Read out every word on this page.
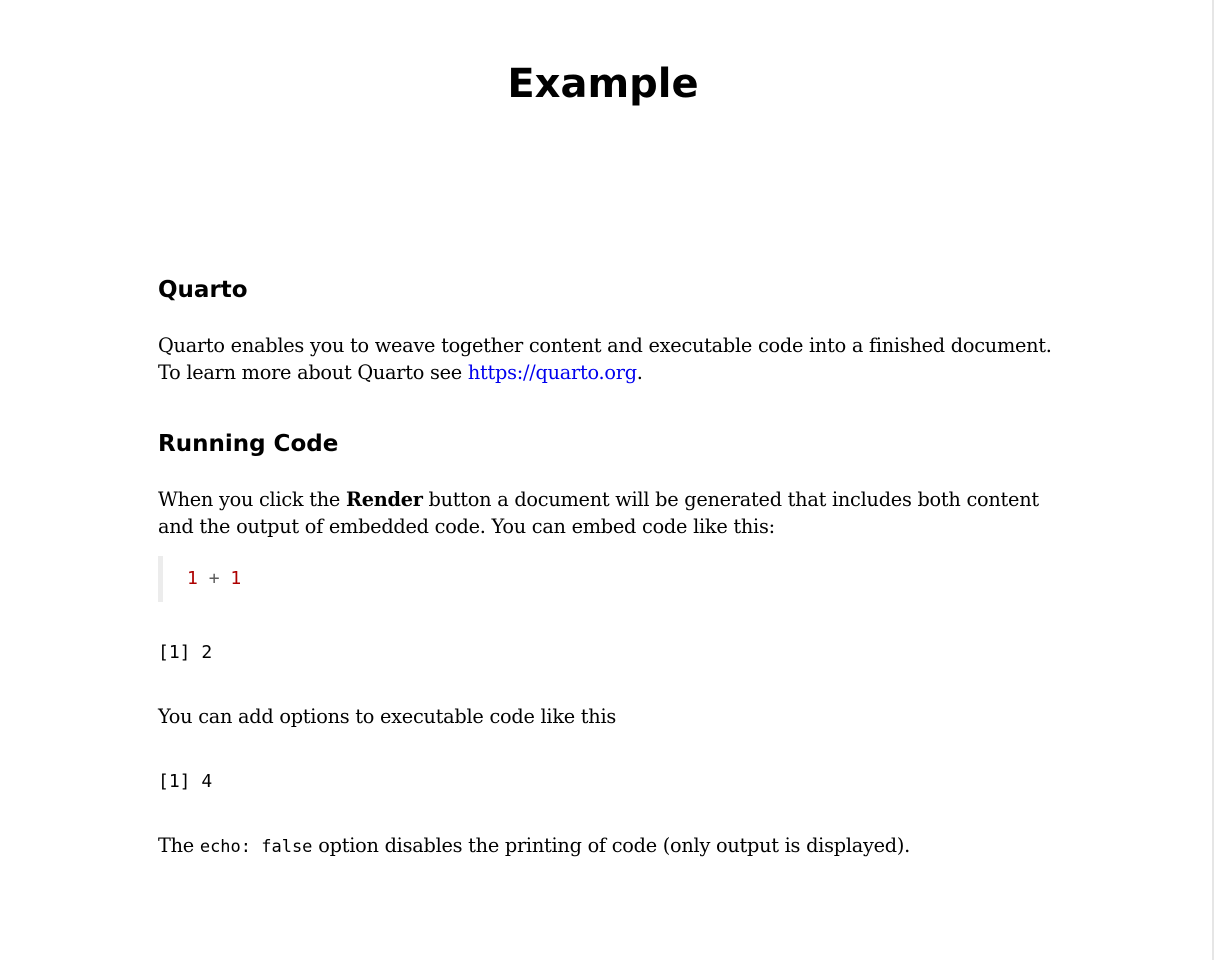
Example
Quarto

Quarto enables you to weave together content and executable code into a finished document. To learn more about Quarto see https://quarto.org.

Running Code

When you click the Render button a document will be generated that includes both content and the output of embedded code. You can embed code like this:

1 + 1
[1] 2

You can add options to executable code like this

[1] 4

The echo: false option disables the printing of code (only output is displayed).
